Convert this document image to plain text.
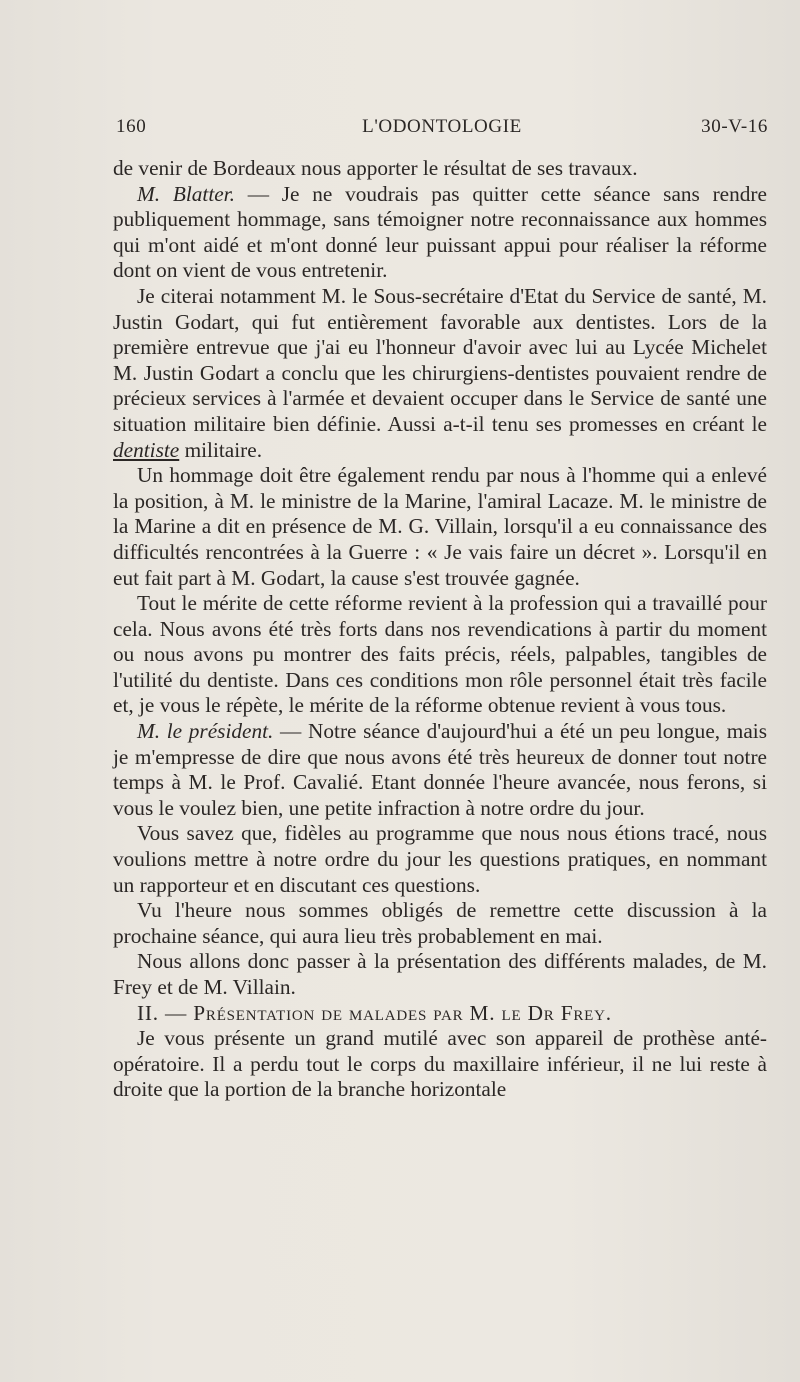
160	L'ODONTOLOGIE	30-V-16

de venir de Bordeaux nous apporter le résultat de ses travaux.

M. Blatter. — Je ne voudrais pas quitter cette séance sans rendre publiquement hommage, sans témoigner notre reconnaissance aux hommes qui m'ont aidé et m'ont donné leur puissant appui pour réaliser la réforme dont on vient de vous entretenir.

Je citerai notamment M. le Sous-secrétaire d'Etat du Service de santé, M. Justin Godart, qui fut entièrement favorable aux dentistes. Lors de la première entrevue que j'ai eu l'honneur d'avoir avec lui au Lycée Michelet M. Justin Godart a conclu que les chirurgiens-dentistes pouvaient rendre de précieux services à l'armée et devaient occuper dans le Service de santé une situation militaire bien définie. Aussi a-t-il tenu ses promesses en créant le dentiste militaire.

Un hommage doit être également rendu par nous à l'homme qui a enlevé la position, à M. le ministre de la Marine, l'amiral Lacaze. M. le ministre de la Marine a dit en présence de M. G. Villain, lorsqu'il a eu connaissance des difficultés rencontrées à la Guerre : « Je vais faire un décret ». Lorsqu'il en eut fait part à M. Godart, la cause s'est trouvée gagnée.

Tout le mérite de cette réforme revient à la profession qui a travaillé pour cela. Nous avons été très forts dans nos revendications à partir du moment ou nous avons pu montrer des faits précis, réels, palpables, tangibles de l'utilité du dentiste. Dans ces conditions mon rôle personnel était très facile et, je vous le répète, le mérite de la réforme obtenue revient à vous tous.

M. le président. — Notre séance d'aujourd'hui a été un peu longue, mais je m'empresse de dire que nous avons été très heureux de donner tout notre temps à M. le Prof. Cavalié. Etant donnée l'heure avancée, nous ferons, si vous le voulez bien, une petite infraction à notre ordre du jour.

Vous savez que, fidèles au programme que nous nous étions tracé, nous voulions mettre à notre ordre du jour les questions pratiques, en nommant un rapporteur et en discutant ces questions.

Vu l'heure nous sommes obligés de remettre cette discussion à la prochaine séance, qui aura lieu très probablement en mai.

Nous allons donc passer à la présentation des différents malades, de M. Frey et de M. Villain.

II. — Présentation de malades par M. le Dr Frey.

Je vous présente un grand mutilé avec son appareil de prothèse anté-opératoire. Il a perdu tout le corps du maxillaire inférieur, il ne lui reste à droite que la portion de la branche horizontale
